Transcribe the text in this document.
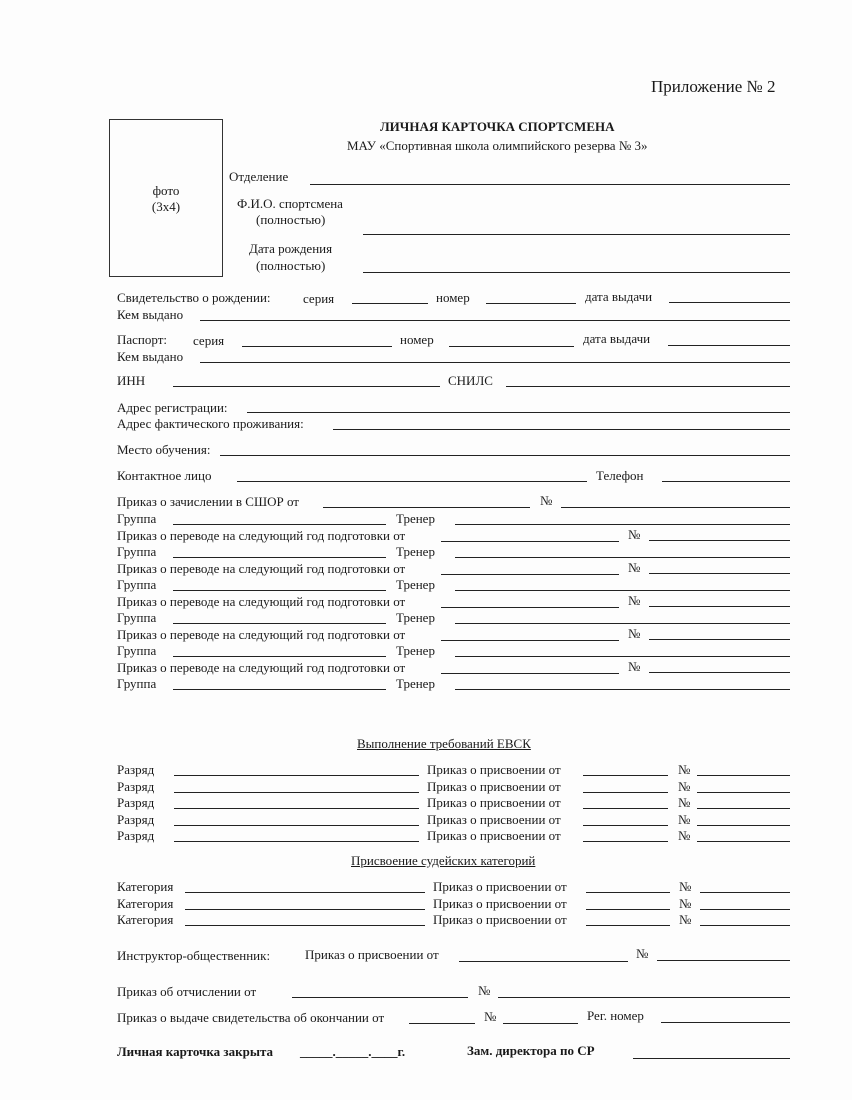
Приложение № 2
ЛИЧНАЯ КАРТОЧКА СПОРТСМЕНА
МАУ «Спортивная школа олимпийского резерва № 3»
фото
(3х4)
Отделение
Ф.И.О. спортсмена
(полностью)
Дата рождения
(полностью)
Свидетельство о рождении: серия	номер	дата выдачи
Кем выдано
Паспорт: серия	номер	дата выдачи
Кем выдано
ИНН	СНИЛС
Адрес регистрации:
Адрес фактического проживания:
Место обучения:
Контактное лицо	Телефон
Приказ о зачислении в СШОР от	№
Группа	Тренер
Приказ о переводе на следующий год подготовки от	№
Группа	Тренер
Приказ о переводе на следующий год подготовки от	№
Группа	Тренер
Приказ о переводе на следующий год подготовки от	№
Группа	Тренер
Приказ о переводе на следующий год подготовки от	№
Группа	Тренер
Приказ о переводе на следующий год подготовки от	№
Группа	Тренер
Выполнение требований ЕВСК
Разряд	Приказ о присвоении от	№
Разряд	Приказ о присвоении от	№
Разряд	Приказ о присвоении от	№
Разряд	Приказ о присвоении от	№
Разряд	Приказ о присвоении от	№
Присвоение судейских категорий
Категория	Приказ о присвоении от	№
Категория	Приказ о присвоении от	№
Категория	Приказ о присвоении от	№
Инструктор-общественник:	Приказ о присвоении от	№
Приказ об отчислении от	№
Приказ о выдаче свидетельства об окончании от	№	Рег. номер
Личная карточка закрыта _____._____.____г.	Зам. директора по СР
